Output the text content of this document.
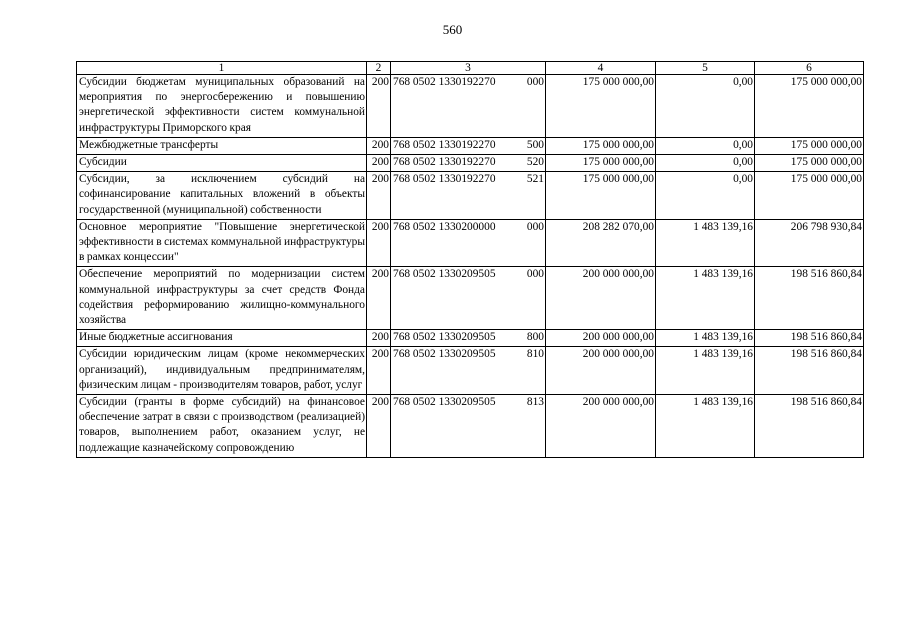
560
1	2	3	4	5	6
Субсидии бюджетам муниципальных образований на мероприятия по энергосбережению и повышению энергетической эффективности систем коммунальной инфраструктуры Приморского края	200	768 0502 1330192270 000	175 000 000,00	0,00	175 000 000,00
Межбюджетные трансферты	200	768 0502 1330192270 500	175 000 000,00	0,00	175 000 000,00
Субсидии	200	768 0502 1330192270 520	175 000 000,00	0,00	175 000 000,00
Субсидии, за исключением субсидий на софинансирование капитальных вложений в объекты государственной (муниципальной) собственности	200	768 0502 1330192270 521	175 000 000,00	0,00	175 000 000,00
Основное мероприятие "Повышение энергетической эффективности в системах коммунальной инфраструктуры в рамках концессии"	200	768 0502 1330200000 000	208 282 070,00	1 483 139,16	206 798 930,84
Обеспечение мероприятий по модернизации систем коммунальной инфраструктуры за счет средств Фонда содействия реформированию жилищно-коммунального хозяйства	200	768 0502 1330209505 000	200 000 000,00	1 483 139,16	198 516 860,84
Иные бюджетные ассигнования	200	768 0502 1330209505 800	200 000 000,00	1 483 139,16	198 516 860,84
Субсидии юридическим лицам (кроме некоммерческих организаций), индивидуальным предпринимателям, физическим лицам - производителям товаров, работ, услуг	200	768 0502 1330209505 810	200 000 000,00	1 483 139,16	198 516 860,84
Субсидии (гранты в форме субсидий) на финансовое обеспечение затрат в связи с производством (реализацией) товаров, выполнением работ, оказанием услуг, не подлежащие казначейскому сопровождению	200	768 0502 1330209505 813	200 000 000,00	1 483 139,16	198 516 860,84
